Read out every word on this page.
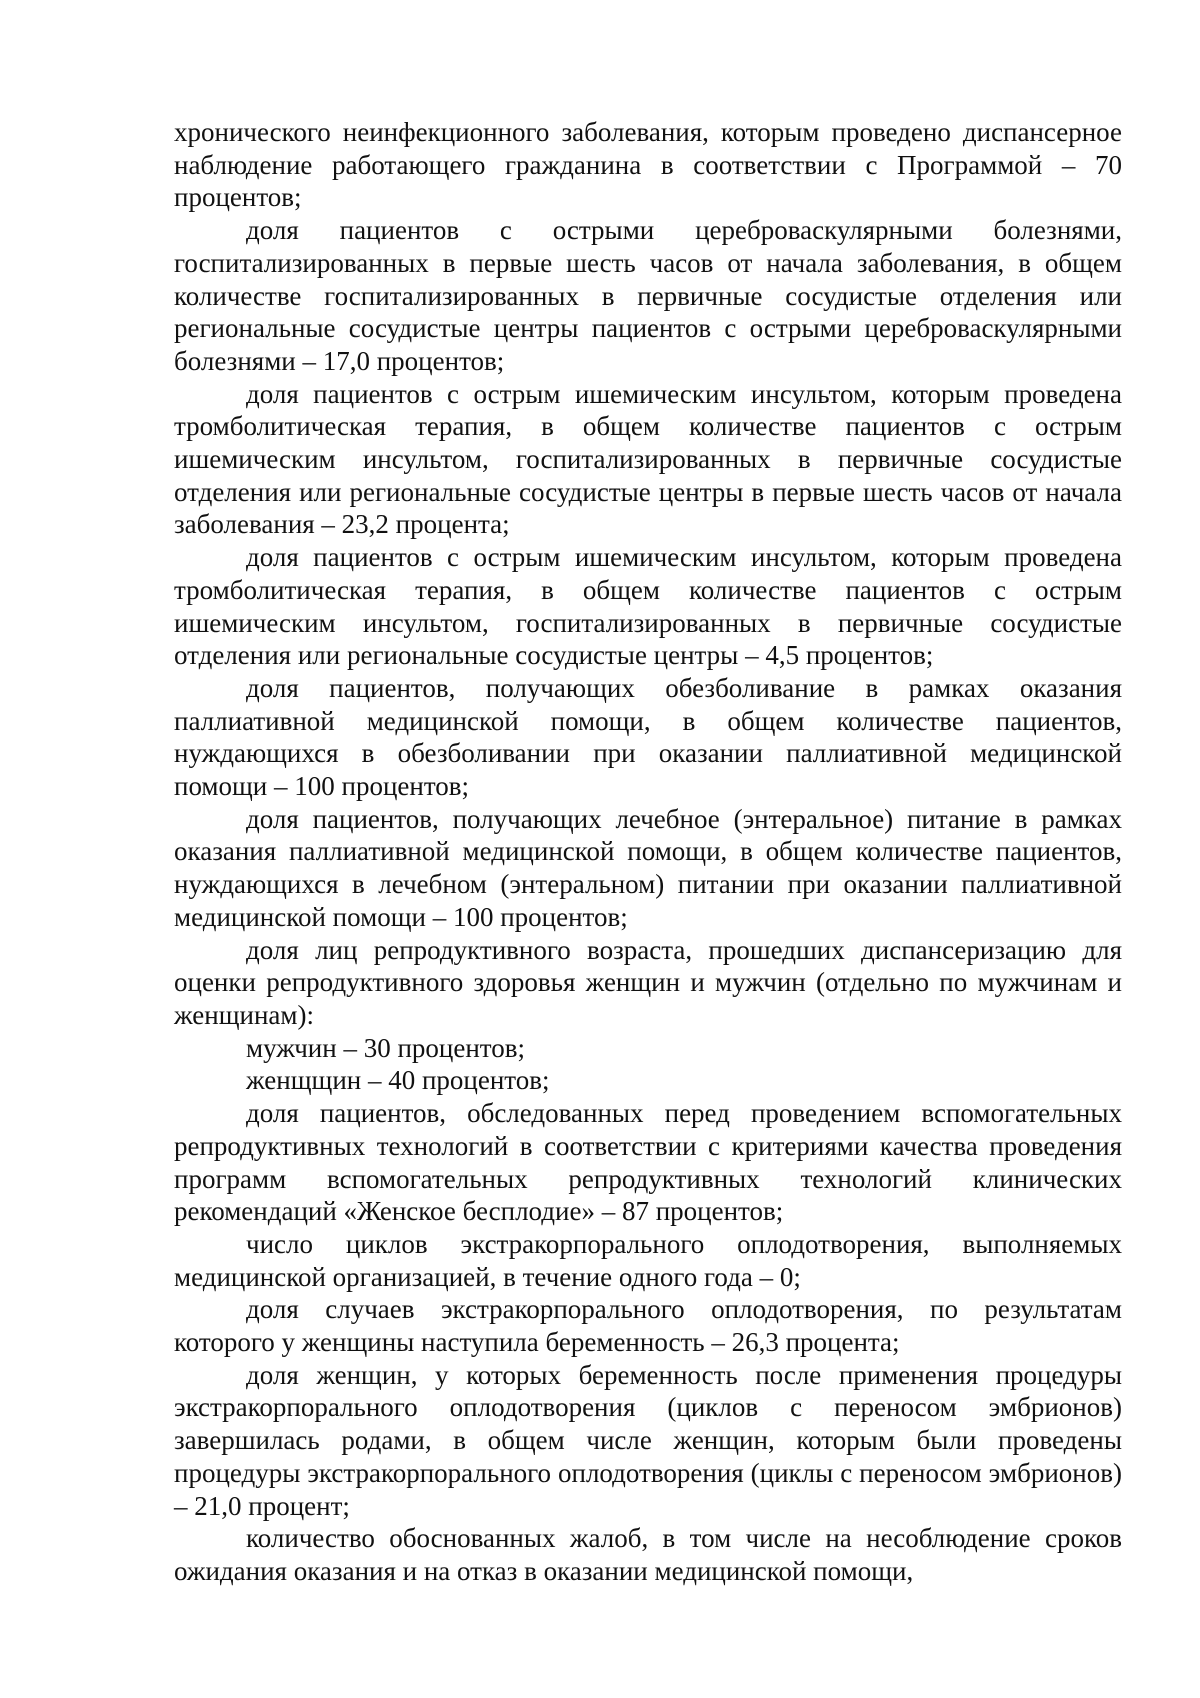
хронического неинфекционного заболевания, которым проведено диспансерное наблюдение работающего гражданина в соответствии с Программой – 70 процентов;

доля пациентов с острыми цереброваскулярными болезнями, госпитализированных в первые шесть часов от начала заболевания, в общем количестве госпитализированных в первичные сосудистые отделения или региональные сосудистые центры пациентов с острыми цереброваскулярными болезнями – 17,0 процентов;

доля пациентов с острым ишемическим инсультом, которым проведена тромболитическая терапия, в общем количестве пациентов с острым ишемическим инсультом, госпитализированных в первичные сосудистые отделения или региональные сосудистые центры в первые шесть часов от начала заболевания – 23,2 процента;

доля пациентов с острым ишемическим инсультом, которым проведена тромболитическая терапия, в общем количестве пациентов с острым ишемическим инсультом, госпитализированных в первичные сосудистые отделения или региональные сосудистые центры – 4,5 процентов;

доля пациентов, получающих обезболивание в рамках оказания паллиативной медицинской помощи, в общем количестве пациентов, нуждающихся в обезболивании при оказании паллиативной медицинской помощи – 100 процентов;

доля пациентов, получающих лечебное (энтеральное) питание в рамках оказания паллиативной медицинской помощи, в общем количестве пациентов, нуждающихся в лечебном (энтеральном) питании при оказании паллиативной медицинской помощи – 100 процентов;

доля лиц репродуктивного возраста, прошедших диспансеризацию для оценки репродуктивного здоровья женщин и мужчин (отдельно по мужчинам и женщинам):

мужчин – 30 процентов;

женщщин – 40 процентов;

доля пациентов, обследованных перед проведением вспомогательных репродуктивных технологий в соответствии с критериями качества проведения программ вспомогательных репродуктивных технологий клинических рекомендаций «Женское бесплодие» – 87 процентов;

число циклов экстракорпорального оплодотворения, выполняемых медицинской организацией, в течение одного года – 0;

доля случаев экстракорпорального оплодотворения, по результатам которого у женщины наступила беременность – 26,3 процента;

доля женщин, у которых беременность после применения процедуры экстракорпорального оплодотворения (циклов с переносом эмбрионов) завершилась родами, в общем числе женщин, которым были проведены процедуры экстракорпорального оплодотворения (циклы с переносом эмбрионов) – 21,0 процент;

количество обоснованных жалоб, в том числе на несоблюдение сроков ожидания оказания и на отказ в оказании медицинской помощи,
